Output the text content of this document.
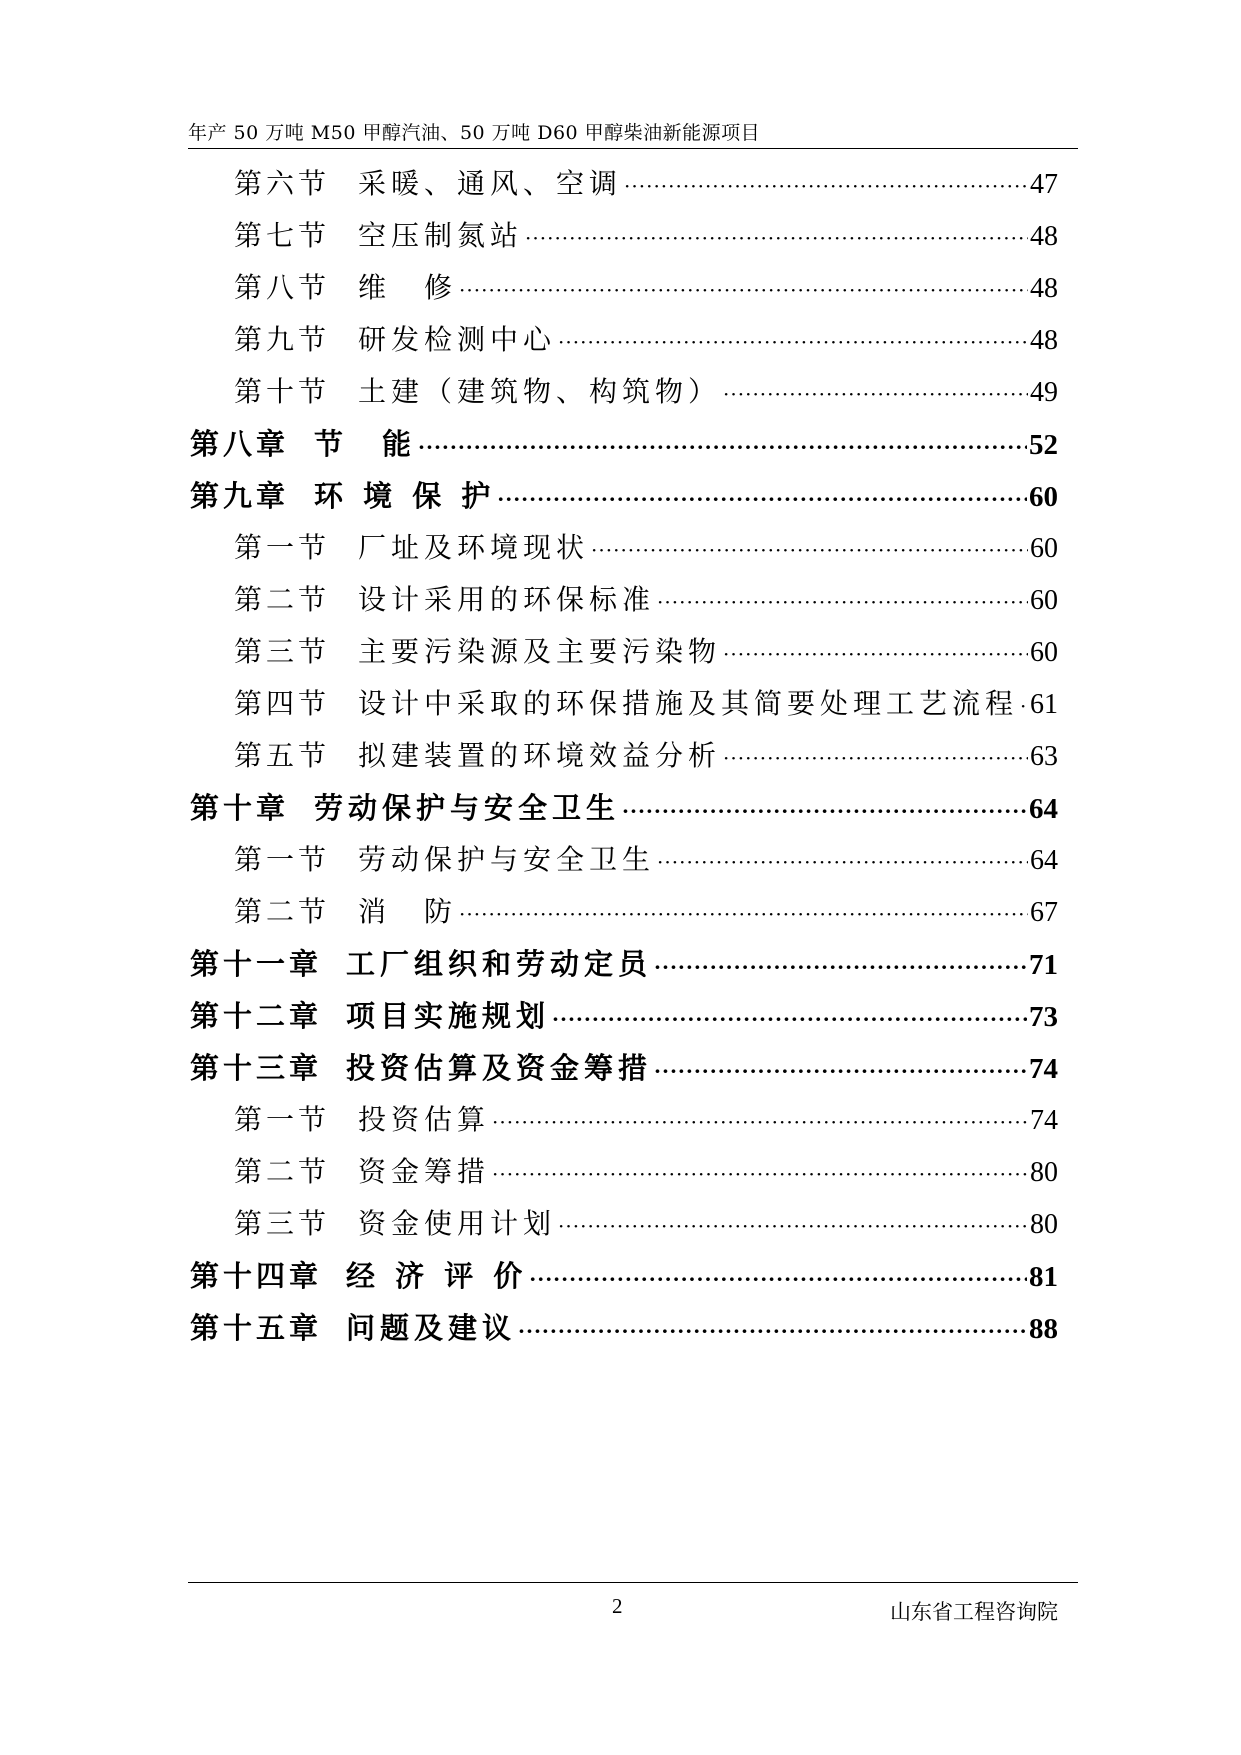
年产 50 万吨 M50 甲醇汽油、50 万吨 D60 甲醇柴油新能源项目
第六节 采暖、通风、空调 ·····	47
第七节 空压制氮站 ·····	48
第八节 维　修 ·····	48
第九节 研发检测中心 ·····	48
第十节 土建（建筑物、构筑物） ·····	49
第八章 节　能 ·····	52
第九章 环 境 保 护 ·····	60
第一节 厂址及环境现状 ·····	60
第二节 设计采用的环保标准 ·····	60
第三节 主要污染源及主要污染物 ·····	60
第四节 设计中采取的环保措施及其简要处理工艺流程 ····· 61
第五节 拟建装置的环境效益分析 ·····	63
第十章 劳动保护与安全卫生 ·····	64
第一节 劳动保护与安全卫生 ·····	64
第二节 消　防 ·····	67
第十一章 工厂组织和劳动定员 ·····	71
第十二章 项目实施规划 ·····	73
第十三章 投资估算及资金筹措 ·····	74
第一节 投资估算 ·····	74
第二节 资金筹措 ·····	80
第三节 资金使用计划 ·····	80
第十四章 经 济 评 价 ·····	81
第十五章 问题及建议 ·····	88
2	山东省工程咨询院
